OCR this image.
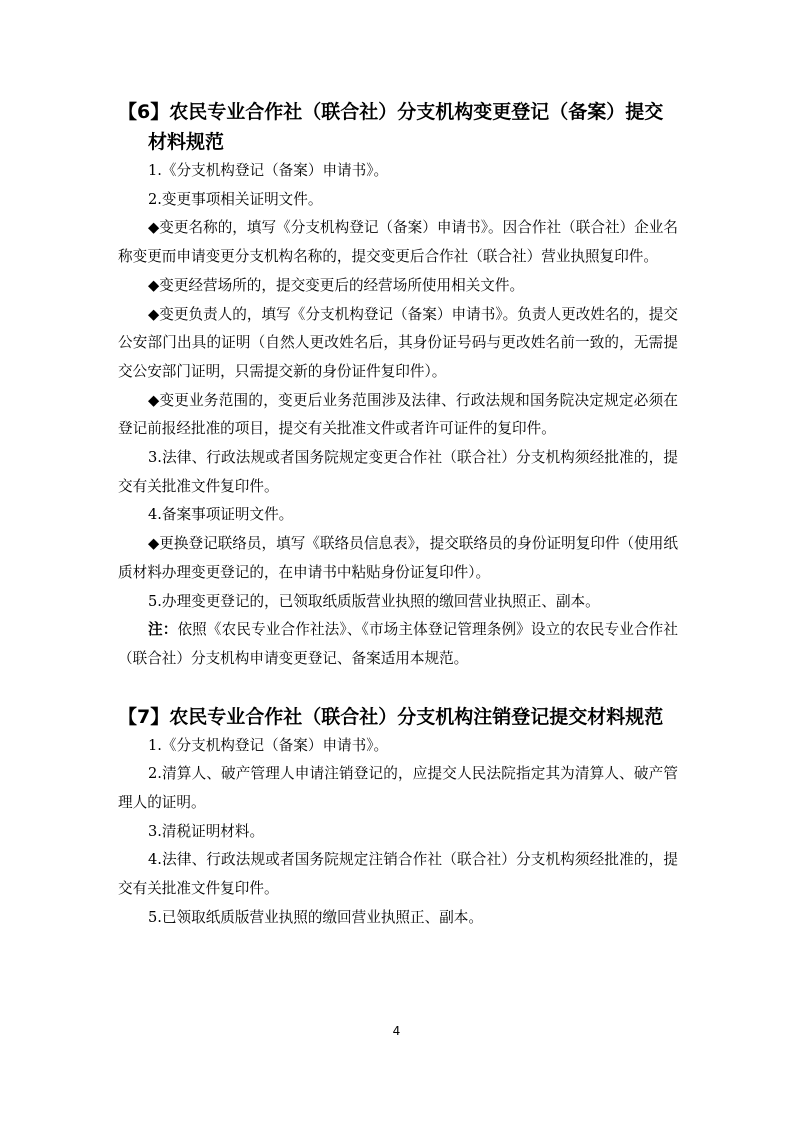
【6】农民专业合作社（联合社）分支机构变更登记（备案）提交材料规范

1.《分支机构登记（备案）申请书》。

2.变更事项相关证明文件。

◆变更名称的，填写《分支机构登记（备案）申请书》。因合作社（联合社）企业名称变更而申请变更分支机构名称的，提交变更后合作社（联合社）营业执照复印件。

◆变更经营场所的，提交变更后的经营场所使用相关文件。

◆变更负责人的，填写《分支机构登记（备案）申请书》。负责人更改姓名的，提交公安部门出具的证明（自然人更改姓名后，其身份证号码与更改姓名前一致的，无需提交公安部门证明，只需提交新的身份证件复印件）。

◆变更业务范围的，变更后业务范围涉及法律、行政法规和国务院决定规定必须在登记前报经批准的项目，提交有关批准文件或者许可证件的复印件。

3.法律、行政法规或者国务院规定变更合作社（联合社）分支机构须经批准的，提交有关批准文件复印件。

4.备案事项证明文件。

◆更换登记联络员，填写《联络员信息表》，提交联络员的身份证明复印件（使用纸质材料办理变更登记的，在申请书中粘贴身份证复印件）。

5.办理变更登记的，已领取纸质版营业执照的缴回营业执照正、副本。

注：依照《农民专业合作社法》、《市场主体登记管理条例》设立的农民专业合作社（联合社）分支机构申请变更登记、备案适用本规范。

【7】农民专业合作社（联合社）分支机构注销登记提交材料规范

1.《分支机构登记（备案）申请书》。

2.清算人、破产管理人申请注销登记的，应提交人民法院指定其为清算人、破产管理人的证明。

3.清税证明材料。

4.法律、行政法规或者国务院规定注销合作社（联合社）分支机构须经批准的，提交有关批准文件复印件。

5.已领取纸质版营业执照的缴回营业执照正、副本。

4
